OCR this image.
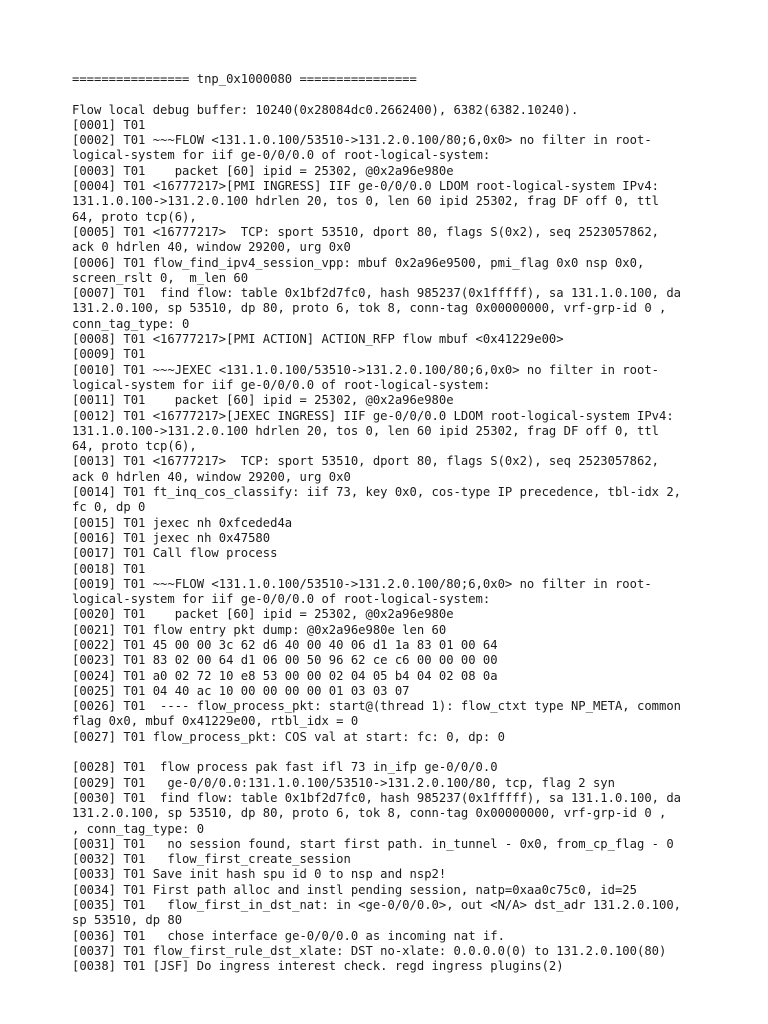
================ tnp_0x1000080 ================
Flow local debug buffer: 10240(0x28084dc0.2662400), 6382(6382.10240).
[0001] T01
[0002] T01 ~~~FLOW <131.1.0.100/53510->131.2.0.100/80;6,0x0> no filter in root-
logical-system for iif ge-0/0/0.0 of root-logical-system:
[0003] T01    packet [60] ipid = 25302, @0x2a96e980e
[0004] T01 <16777217>[PMI INGRESS] IIF ge-0/0/0.0 LDOM root-logical-system IPv4:
131.1.0.100->131.2.0.100 hdrlen 20, tos 0, len 60 ipid 25302, frag DF off 0, ttl
64, proto tcp(6),
[0005] T01 <16777217>  TCP: sport 53510, dport 80, flags S(0x2), seq 2523057862,
ack 0 hdrlen 40, window 29200, urg 0x0
[0006] T01 flow_find_ipv4_session_vpp: mbuf 0x2a96e9500, pmi_flag 0x0 nsp 0x0,
screen_rslt 0,  m_len 60
[0007] T01  find flow: table 0x1bf2d7fc0, hash 985237(0x1fffff), sa 131.1.0.100, da
131.2.0.100, sp 53510, dp 80, proto 6, tok 8, conn-tag 0x00000000, vrf-grp-id 0 ,
conn_tag_type: 0
[0008] T01 <16777217>[PMI ACTION] ACTION_RFP flow mbuf <0x41229e00>
[0009] T01
[0010] T01 ~~~JEXEC <131.1.0.100/53510->131.2.0.100/80;6,0x0> no filter in root-
logical-system for iif ge-0/0/0.0 of root-logical-system:
[0011] T01    packet [60] ipid = 25302, @0x2a96e980e
[0012] T01 <16777217>[JEXEC INGRESS] IIF ge-0/0/0.0 LDOM root-logical-system IPv4:
131.1.0.100->131.2.0.100 hdrlen 20, tos 0, len 60 ipid 25302, frag DF off 0, ttl
64, proto tcp(6),
[0013] T01 <16777217>  TCP: sport 53510, dport 80, flags S(0x2), seq 2523057862,
ack 0 hdrlen 40, window 29200, urg 0x0
[0014] T01 ft_inq_cos_classify: iif 73, key 0x0, cos-type IP precedence, tbl-idx 2,
fc 0, dp 0
[0015] T01 jexec nh 0xfceded4a
[0016] T01 jexec nh 0x47580
[0017] T01 Call flow process
[0018] T01
[0019] T01 ~~~FLOW <131.1.0.100/53510->131.2.0.100/80;6,0x0> no filter in root-
logical-system for iif ge-0/0/0.0 of root-logical-system:
[0020] T01    packet [60] ipid = 25302, @0x2a96e980e
[0021] T01 flow entry pkt dump: @0x2a96e980e len 60
[0022] T01 45 00 00 3c 62 d6 40 00 40 06 d1 1a 83 01 00 64
[0023] T01 83 02 00 64 d1 06 00 50 96 62 ce c6 00 00 00 00
[0024] T01 a0 02 72 10 e8 53 00 00 02 04 05 b4 04 02 08 0a
[0025] T01 04 40 ac 10 00 00 00 00 01 03 03 07
[0026] T01  ---- flow_process_pkt: start@(thread 1): flow_ctxt type NP_META, common
flag 0x0, mbuf 0x41229e00, rtbl_idx = 0
[0027] T01 flow_process_pkt: COS val at start: fc: 0, dp: 0
[0028] T01  flow process pak fast ifl 73 in_ifp ge-0/0/0.0
[0029] T01   ge-0/0/0.0:131.1.0.100/53510->131.2.0.100/80, tcp, flag 2 syn
[0030] T01  find flow: table 0x1bf2d7fc0, hash 985237(0x1fffff), sa 131.1.0.100, da
131.2.0.100, sp 53510, dp 80, proto 6, tok 8, conn-tag 0x00000000, vrf-grp-id 0 ,
, conn_tag_type: 0
[0031] T01   no session found, start first path. in_tunnel - 0x0, from_cp_flag - 0
[0032] T01   flow_first_create_session
[0033] T01 Save init hash spu id 0 to nsp and nsp2!
[0034] T01 First path alloc and instl pending session, natp=0xaa0c75c0, id=25
[0035] T01   flow_first_in_dst_nat: in <ge-0/0/0.0>, out <N/A> dst_adr 131.2.0.100,
sp 53510, dp 80
[0036] T01   chose interface ge-0/0/0.0 as incoming nat if.
[0037] T01 flow_first_rule_dst_xlate: DST no-xlate: 0.0.0.0(0) to 131.2.0.100(80)
[0038] T01 [JSF] Do ingress interest check. regd ingress plugins(2)
